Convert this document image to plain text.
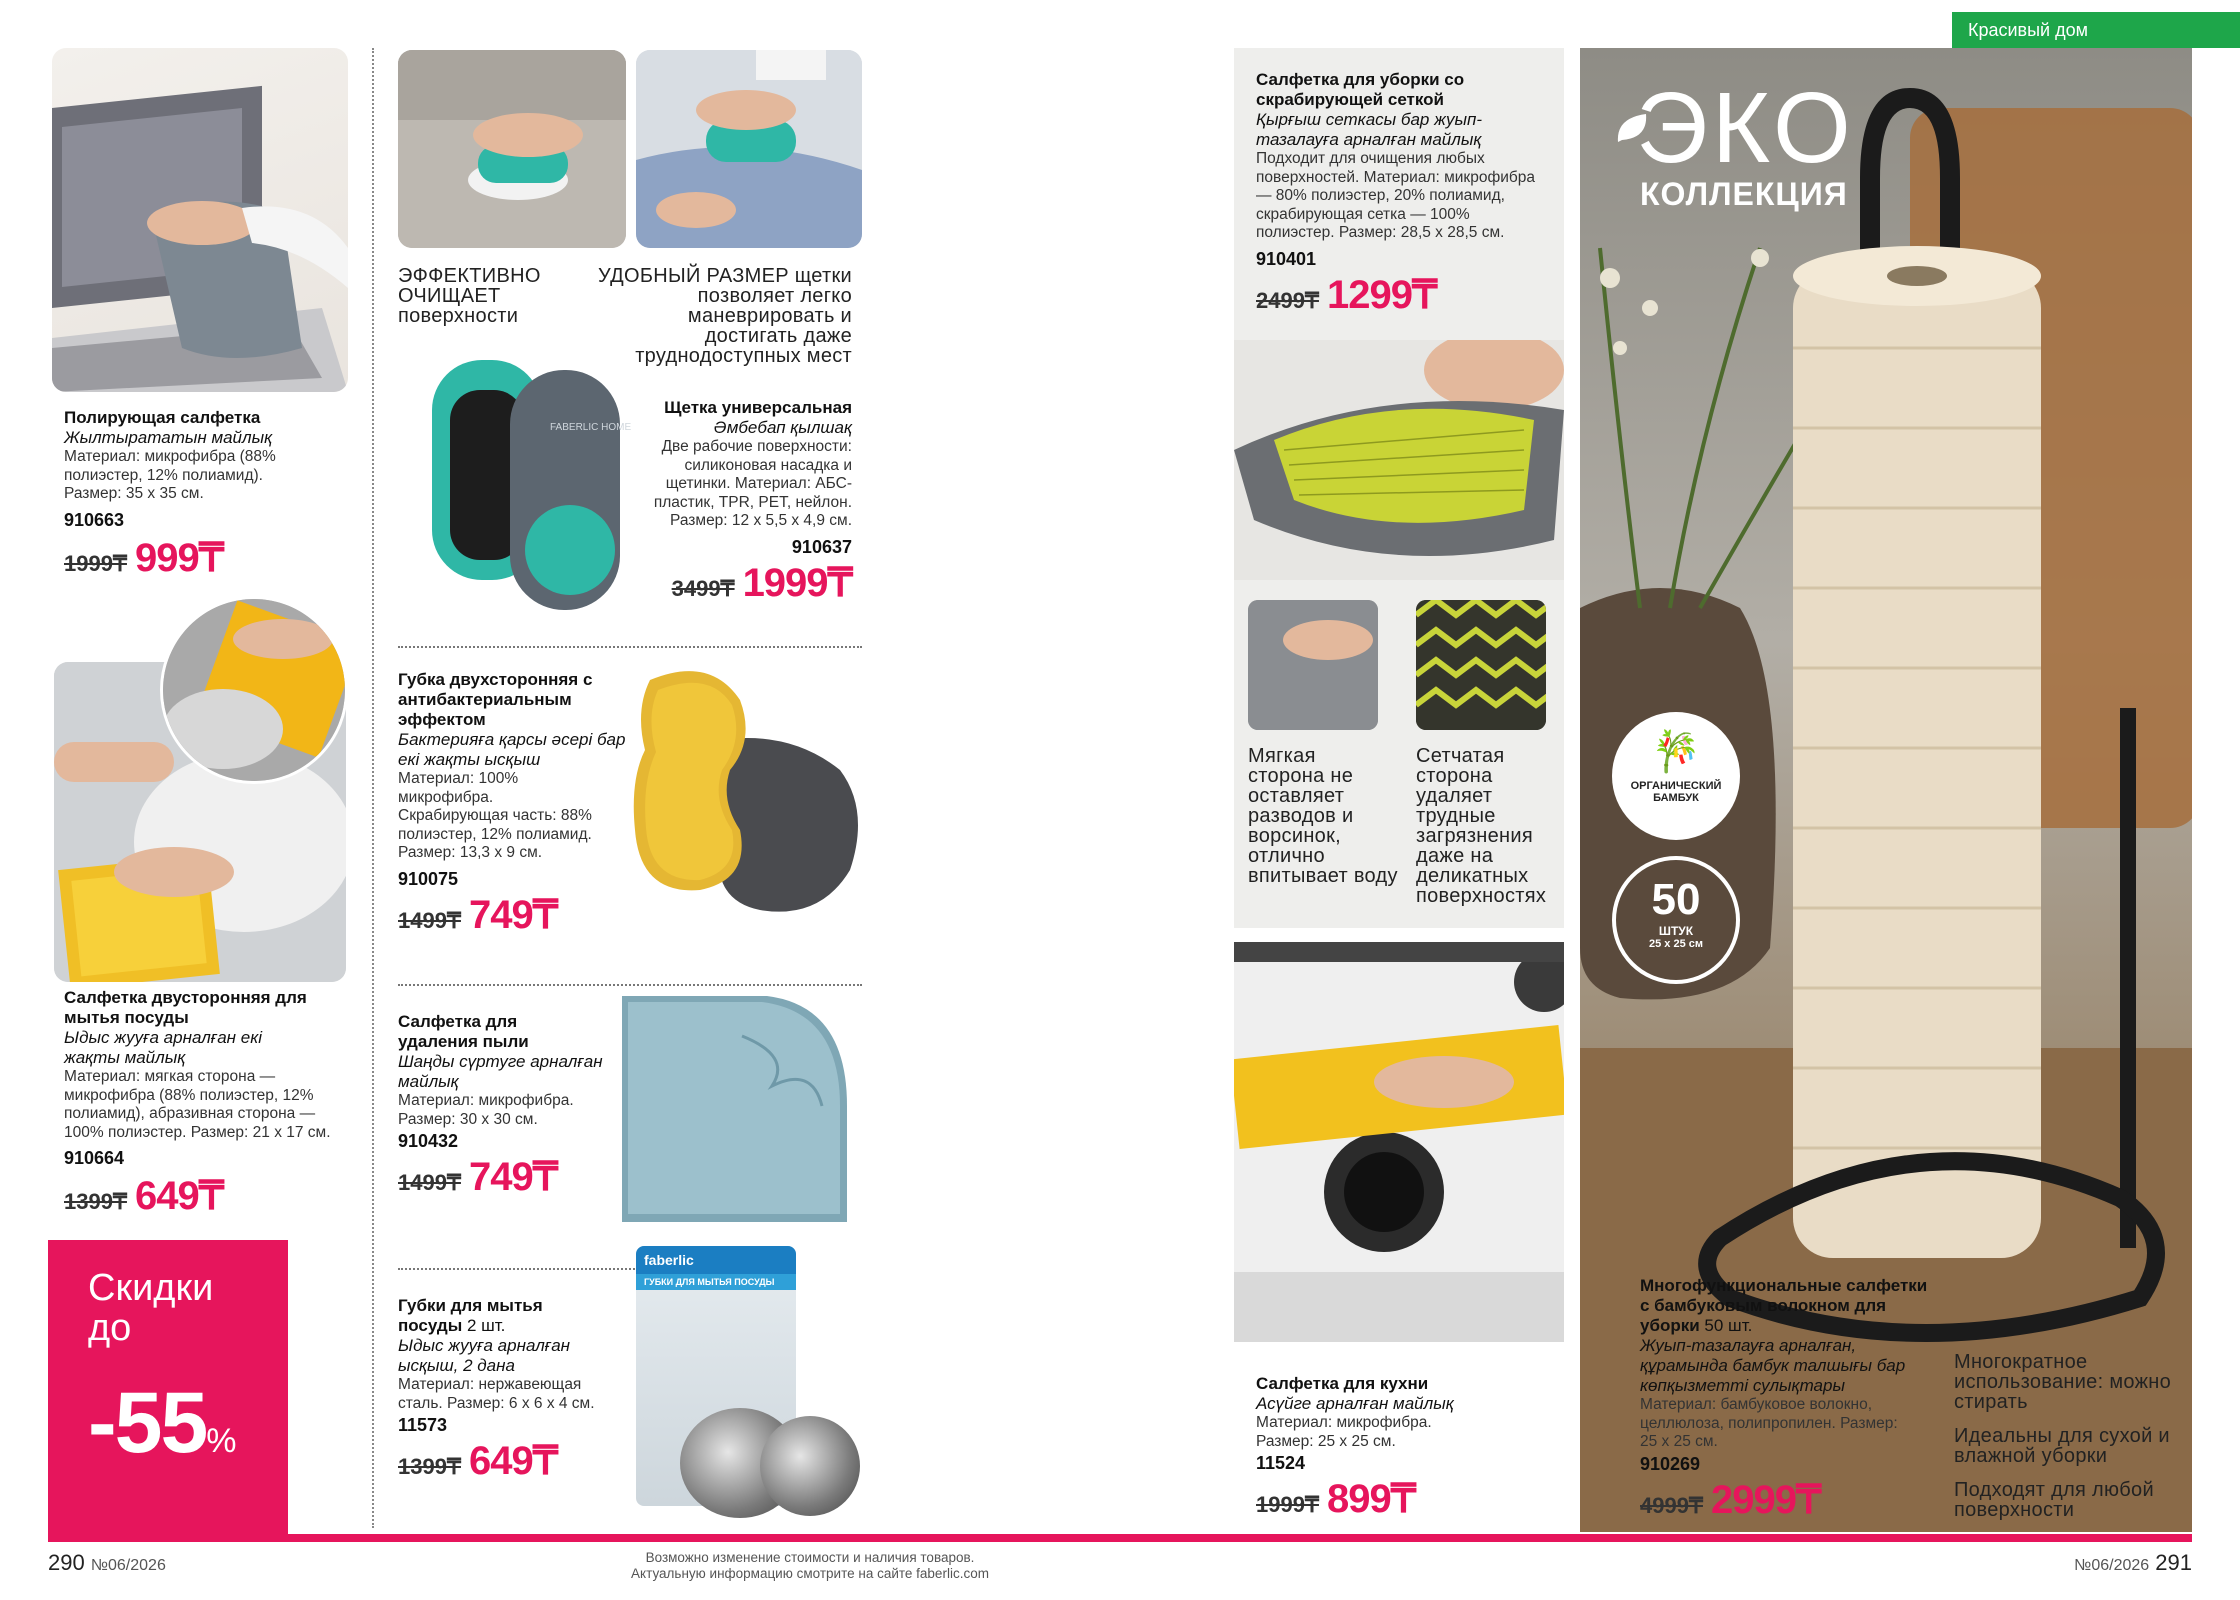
Красивый дом
Полирующая салфетка
Жылтырататын майлық
Материал: микрофибра (88% полиэстер, 12% полиамид). Размер: 35 x 35 см.
910663
1999₸ 999₸
Салфетка двусторонняя для мытья посуды
Ыдыс жууға арналған екі жақты майлық
Материал: мягкая сторона — микрофибра (88% полиэстер, 12% полиамид), абразивная сторона — 100% полиэстер. Размер: 21 x 17 см.
910664
1399₸ 649₸
Скидки
до
-55%
ЭФФЕКТИВНО ОЧИЩАЕТ поверхности
УДОБНЫЙ РАЗМЕР щетки позволяет легко маневрировать и достигать даже труднодоступных мест
FABERLIC HOME
Щетка универсальная
Әмбебап қылшақ
Две рабочие поверхности: силиконовая насадка и щетинки. Материал: АБС-пластик, TPR, PET, нейлон. Размер: 12 x 5,5 x 4,9 см.
910637
3499₸ 1999₸
Губка двухсторонняя с антибактериальным эффектом
Бактерияға қарсы әсері бар екі жақты ысқыш
Материал: 100% микрофибра. Скрабирующая часть: 88% полиэстер, 12% полиамид. Размер: 13,3 x 9 см.
910075
1499₸ 749₸
Салфетка для удаления пыли
Шаңды сүртуге арналған майлық
Материал: микрофибра. Размер: 30 x 30 см.
910432
1499₸ 749₸
Губки для мытья посуды 2 шт.
Ыдыс жууға арналған ысқыш, 2 дана
Материал: нержавеющая сталь. Размер: 6 x 6 x 4 см.
11573
1399₸ 649₸
faberlic
ГУБКИ ДЛЯ МЫТЬЯ ПОСУДЫ
Салфетка для уборки со скрабирующей сеткой
Қырғыш сеткасы бар жуып-тазалауға арналған майлық
Подходит для очищения любых поверхностей. Материал: микрофибра — 80% полиэстер, 20% полиамид, скрабирующая сетка — 100% полиэстер. Размер: 28,5 x 28,5 см.
910401
2499₸ 1299₸
Мягкая сторона не оставляет разводов и ворсинок, отлично впитывает воду
Сетчатая сторона удаляет трудные загрязнения даже на деликатных поверхностях
Салфетка для кухни
Асүйге арналған майлық
Материал: микрофибра. Размер: 25 x 25 см.
11524
1999₸ 899₸
ЭКО
КОЛЛЕКЦИЯ
🎋
ОРГАНИЧЕСКИЙ БАМБУК
50
ШТУК
25 x 25 см
Многофункциональные салфетки с бамбуковым волокном для уборки 50 шт.
Жуып-тазалауға арналған, құрамында бамбук талшығы бар көпқызметті сулықтары
Материал: бамбуковое волокно, целлюлоза, полипропилен. Размер: 25 x 25 см.
910269
4999₸ 2999₸
Многократное использование: можно стирать
Идеальны для сухой и влажной уборки
Подходят для любой поверхности
290 №06/2026	Возможно изменение стоимости и наличия товаров.
Актуальную информацию смотрите на сайте faberlic.com	№06/2026 291
